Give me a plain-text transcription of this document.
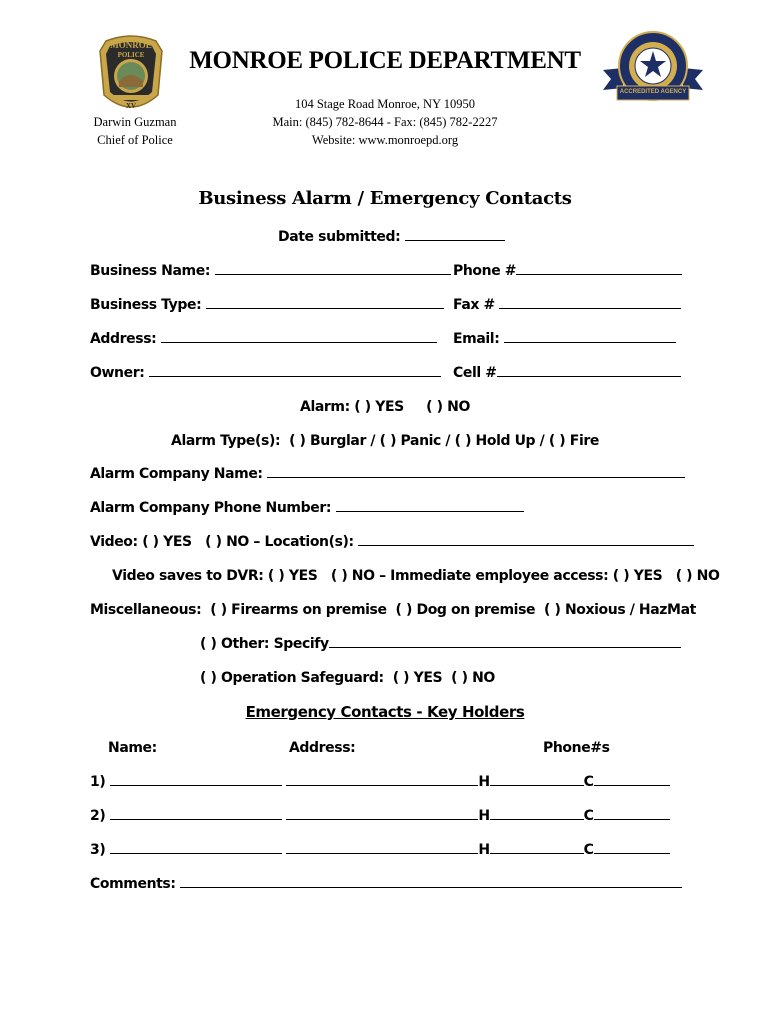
MONROE
POLICE
XV
ACCREDITED AGENCY
MONROE POLICE DEPARTMENT
104 Stage Road Monroe, NY 10950
Main: (845) 782-8644 - Fax: (845) 782-2227
Website: www.monroepd.org
Darwin Guzman
Chief of Police
Business Alarm / Emergency Contacts
Date submitted:
Business Name:	Phone #
Business Type:	Fax #
Address:	Email:
Owner:	Cell #
Alarm: ( ) YES     ( ) NO
Alarm Type(s):  ( ) Burglar / ( ) Panic / ( ) Hold Up / ( ) Fire
Alarm Company Name:
Alarm Company Phone Number:
Video: ( ) YES   ( ) NO – Location(s):
Video saves to DVR: ( ) YES   ( ) NO – Immediate employee access: ( ) YES   ( ) NO
Miscellaneous:  ( ) Firearms on premise  ( ) Dog on premise  ( ) Noxious / HazMat
( ) Other: Specify
( ) Operation Safeguard:  ( ) YES  ( ) NO
Emergency Contacts - Key Holders
Name:	Address:	Phone#s
1)	H	C
2)	H	C
3)	H	C
Comments:
